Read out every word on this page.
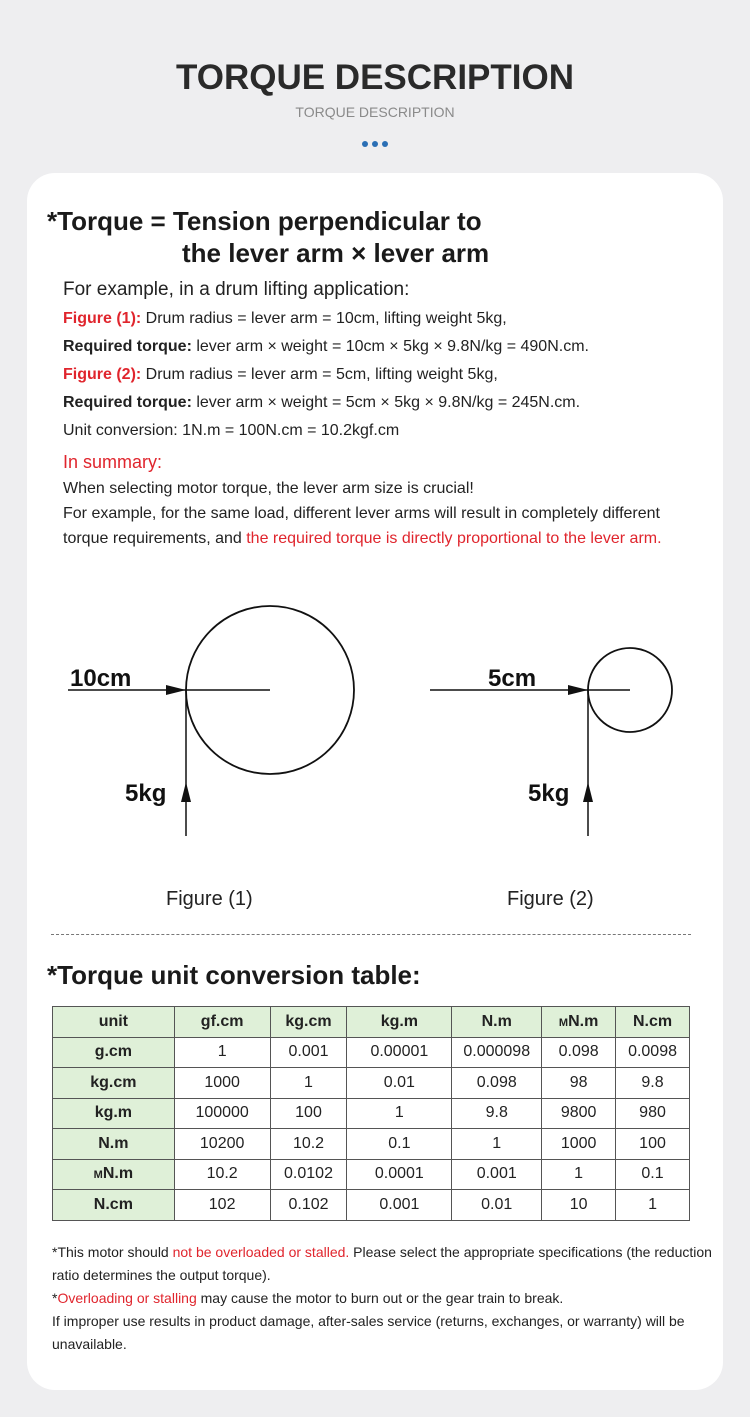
TORQUE DESCRIPTION
TORQUE DESCRIPTION
*Torque = Tension perpendicular to
the lever arm × lever arm
For example, in a drum lifting application:
Figure (1): Drum radius = lever arm = 10cm, lifting weight 5kg,
Required torque: lever arm × weight = 10cm × 5kg × 9.8N/kg = 490N.cm.
Figure (2): Drum radius = lever arm = 5cm, lifting weight 5kg,
Required torque: lever arm × weight = 5cm × 5kg × 9.8N/kg = 245N.cm.
Unit conversion: 1N.m = 100N.cm = 10.2kgf.cm
In summary:
When selecting motor torque, the lever arm size is crucial!
For example, for the same load, different lever arms will result in completely different torque requirements, and the required torque is directly proportional to the lever arm.
10cm
5kg
5cm
5kg
Figure (1)	Figure (2)
*Torque unit conversion table:
unit	gf.cm	kg.cm	kg.m	N.m	MN.m	N.cm
g.cm	1	0.001	0.00001	0.000098	0.098	0.0098
kg.cm	1000	1	0.01	0.098	98	9.8
kg.m	100000	100	1	9.8	9800	980
N.m	10200	10.2	0.1	1	1000	100
MN.m	10.2	0.0102	0.0001	0.001	1	0.1
N.cm	102	0.102	0.001	0.01	10	1
*This motor should not be overloaded or stalled. Please select the appropriate specifications (the reduction ratio determines the output torque).
*Overloading or stalling may cause the motor to burn out or the gear train to break.
If improper use results in product damage, after-sales service (returns, exchanges, or warranty) will be unavailable.
